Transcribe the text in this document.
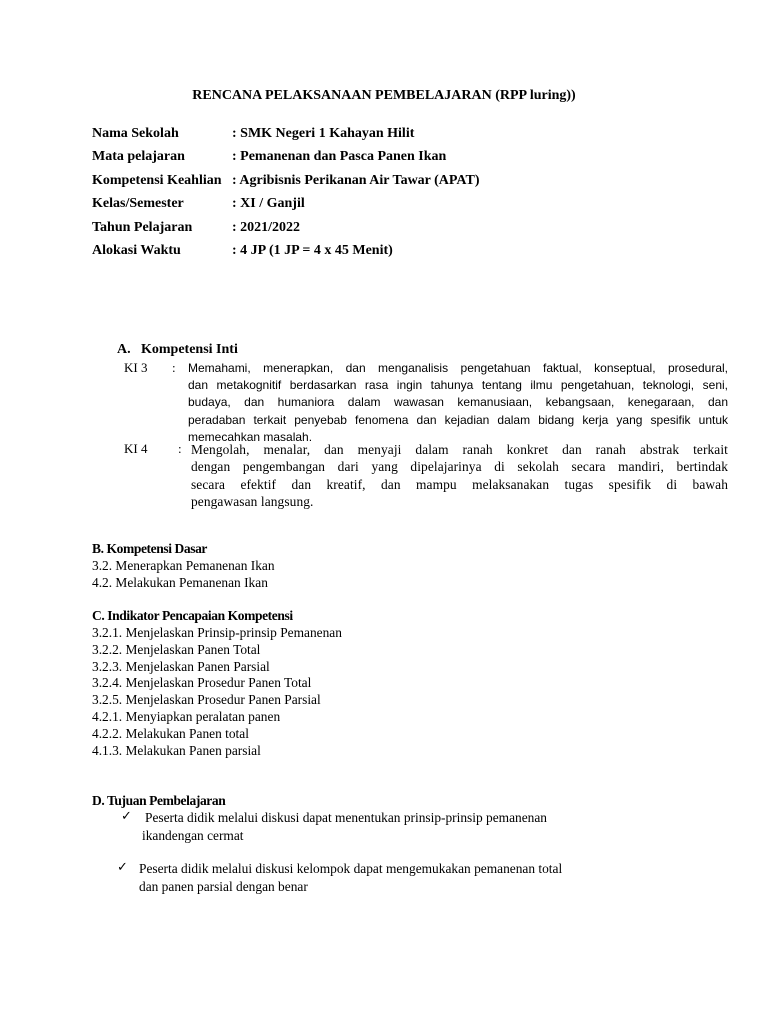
RENCANA PELAKSANAAN PEMBELAJARAN (RPP luring))
Nama Sekolah	: SMK Negeri 1 Kahayan Hilit
Mata pelajaran	: Pemanenan dan Pasca Panen Ikan
Kompetensi Keahlian : Agribisnis Perikanan Air Tawar (APAT)
Kelas/Semester	: XI / Ganjil
Tahun Pelajaran	: 2021/2022
Alokasi Waktu	: 4 JP (1 JP = 4 x 45 Menit)
A. Kompetensi Inti
KI 3 : Memahami, menerapkan, dan menganalisis pengetahuan faktual, konseptual, prosedural,
dan metakognitif berdasarkan rasa ingin tahunya tentang ilmu pengetahuan, teknologi, seni,
budaya, dan humaniora dalam wawasan kemanusiaan, kebangsaan, kenegaraan, dan
peradaban terkait penyebab fenomena dan kejadian dalam bidang kerja yang spesifik untuk
memecahkan masalah.
KI 4 : Mengolah, menalar, dan menyaji dalam ranah konkret dan ranah abstrak terkait
dengan pengembangan dari yang dipelajarinya di sekolah secara mandiri, bertindak
secara efektif dan kreatif, dan mampu melaksanakan tugas spesifik di bawah
pengawasan langsung.
B. Kompetensi Dasar
3.2. Menerapkan Pemanenan Ikan
4.2. Melakukan Pemanenan Ikan
C. Indikator Pencapaian Kompetensi
3.2.1. Menjelaskan Prinsip-prinsip Pemanenan
3.2.2. Menjelaskan Panen Total
3.2.3. Menjelaskan Panen Parsial
3.2.4. Menjelaskan Prosedur Panen Total
3.2.5. Menjelaskan Prosedur Panen Parsial
4.2.1. Menyiapkan peralatan panen
4.2.2. Melakukan Panen total
4.1.3. Melakukan Panen parsial
D. Tujuan Pembelajaran
✓ Peserta didik melalui diskusi dapat menentukan prinsip-prinsip pemanenan
ikandengan cermat
✓ Peserta didik melalui diskusi kelompok dapat mengemukakan pemanenan total
dan panen parsial dengan benar
